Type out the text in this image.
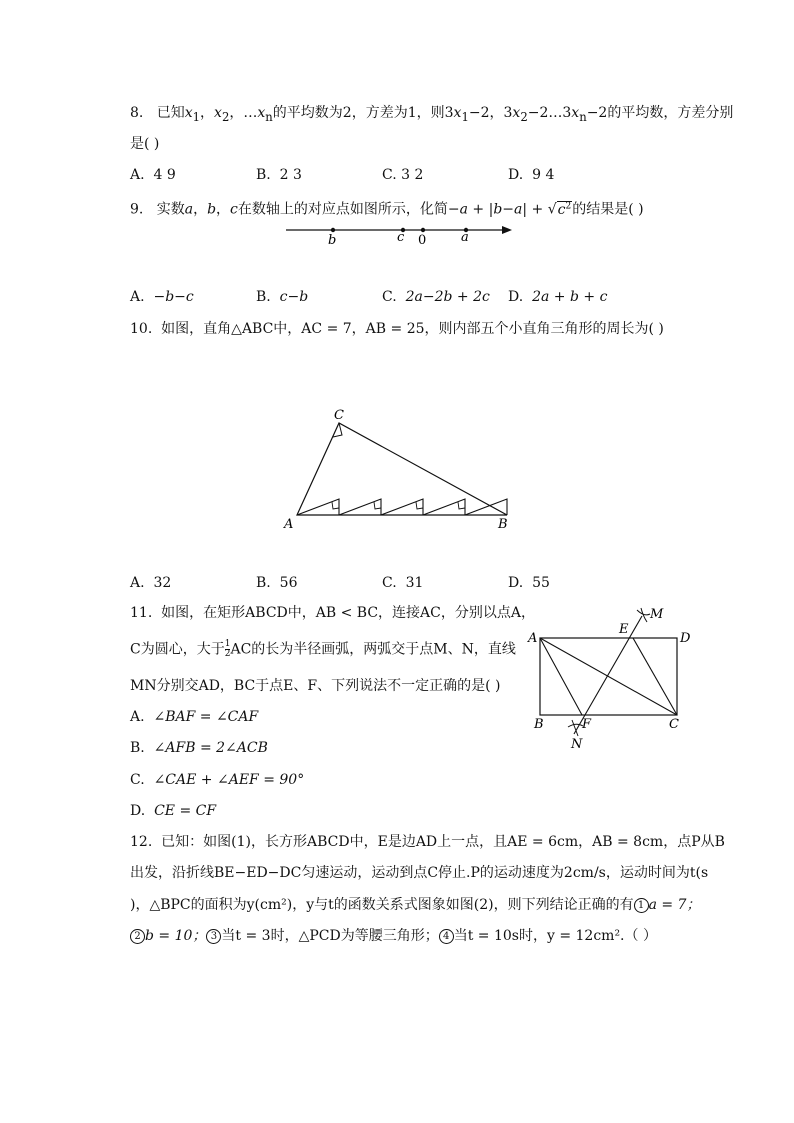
8. 已知$x_1$，$x_2$，$\dots x_n$的平均数为2，方差为1，则$3x_1-2$，$3x_2-2\dots 3x_n-2$的平均数，方差分别
是( )
A. 4 9	B. 2 3	C. 3 2	D. 9 4
9. 实数a，b，c在数轴上的对应点如图所示，化简$-a + |b-a| + √c^2$的结果是( )
b	c 0	a
A. −b−c	B. c−b	C. 2a−2b + 2c D. 2a + b + c
10. 如图，直角△ABC中，AC = 7，AB = 25，则内部五个小直角三角形的周长为( )
A	B
C
A. 32	B. 56	C. 31	D. 55
11. 如图，在矩形ABCD中，AB < BC，连接AC，分别以点A，
C为圆心，大于 $\frac{1}{2}$ AC的长为半径画弧，两弧交于点M、N，直线
MN分别交AD，BC于点E、F、下列说法不一定正确的是( )
A. ∠BAF = ∠CAF
B. ∠AFB = 2∠ACB
C. ∠CAE + ∠AEF = 90°
D. CE = CF
A
B	C
D
E
F
M
N
12. 已知：如图(1)，长方形ABCD中，E是边AD上一点，且AE = 6cm，AB = 8cm，点P从B
出发，沿折线BE−ED−DC匀速运动，运动到点C停止.P的运动速度为2cm/s，运动时间为t(s
)，△BPC的面积为y(cm²)，y与t的函数关系式图象如图(2)，则下列结论正确的有 1 a = 7；
2 b = 10； 3 当t = 3时，△PCD为等腰三角形； 4 当t = 10s时，y = 12cm².（ ）
